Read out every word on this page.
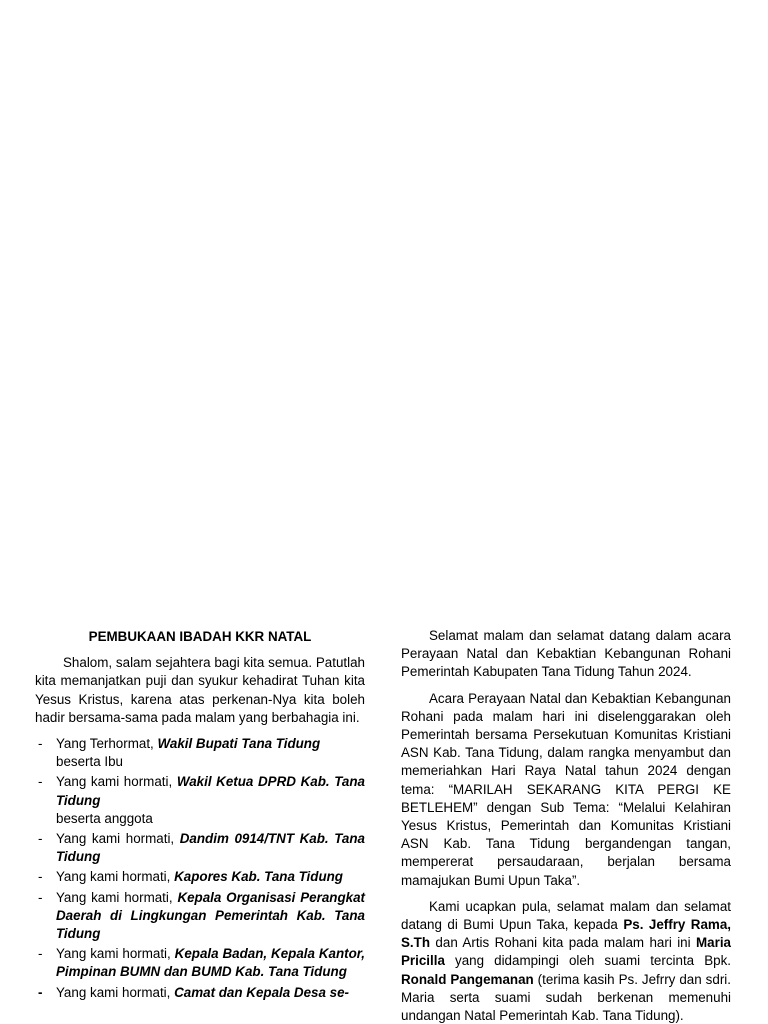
PEMBUKAAN IBADAH KKR NATAL

Shalom, salam sejahtera bagi kita semua. Patutlah kita memanjatkan puji dan syukur kehadirat Tuhan kita Yesus Kristus, karena atas perkenan-Nya kita boleh hadir bersama-sama pada malam yang berbahagia ini.

- Yang Terhormat, Wakil Bupati Tana Tidung
beserta Ibu
- Yang kami hormati, Wakil Ketua DPRD Kab. Tana Tidung
beserta anggota
- Yang kami hormati, Dandim 0914/TNT Kab. Tana Tidung
- Yang kami hormati, Kapores Kab. Tana Tidung
- Yang kami hormati, Kepala Organisasi Perangkat Daerah di Lingkungan Pemerintah Kab. Tana Tidung
- Yang kami hormati, Kepala Badan, Kepala Kantor, Pimpinan BUMN dan BUMD Kab. Tana Tidung
- Yang kami hormati, Camat dan Kepala Desa se-

Selamat malam dan selamat datang dalam acara Perayaan Natal dan Kebaktian Kebangunan Rohani Pemerintah Kabupaten Tana Tidung Tahun 2024.

Acara Perayaan Natal dan Kebaktian Kebangunan Rohani pada malam hari ini diselenggarakan oleh Pemerintah bersama Persekutuan Komunitas Kristiani ASN Kab. Tana Tidung, dalam rangka menyambut dan memeriahkan Hari Raya Natal tahun 2024 dengan tema: “MARILAH SEKARANG KITA PERGI KE BETLEHEM” dengan Sub Tema: “Melalui Kelahiran Yesus Kristus, Pemerintah dan Komunitas Kristiani ASN Kab. Tana Tidung bergandengan tangan, mempererat persaudaraan, berjalan bersama mamajukan Bumi Upun Taka”.

Kami ucapkan pula, selamat malam dan selamat datang di Bumi Upun Taka, kepada Ps. Jeffry Rama, S.Th dan Artis Rohani kita pada malam hari ini Maria Pricilla yang didampingi oleh suami tercinta Bpk. Ronald Pangemanan (terima kasih Ps. Jefrry dan sdri. Maria serta suami sudah berkenan memenuhi undangan Natal Pemerintah Kab. Tana Tidung).
